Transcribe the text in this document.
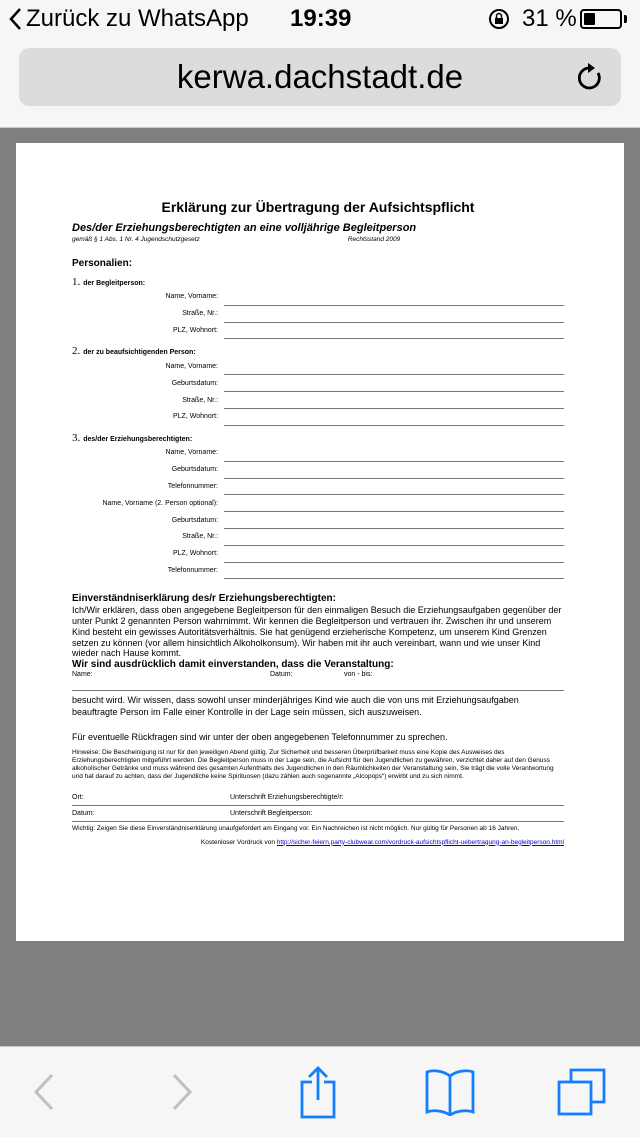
Zurück zu WhatsApp 19:39	31 %
kerwa.dachstadt.de
Erklärung zur Übertragung der Aufsichtspflicht
Des/der Erziehungsberechtigten an eine volljährige Begleitperson
gemäß § 1 Abs. 1 Nr. 4 Jugendschutzgesetz	Rechtsstand 2009
Personalien:
1. der Begleitperson:
Name, Vorname:
Straße, Nr.:
PLZ, Wohnort:
2. der zu beaufsichtigenden Person:
Name, Vorname:
Geburtsdatum:
Straße, Nr.:
PLZ, Wohnort:
3. des/der Erziehungsberechtigten:
Name, Vorname:
Geburtsdatum:
Telefonnummer:
Name, Vorname (2. Person optional):
Geburtsdatum:
Straße, Nr.:
PLZ, Wohnort:
Telefonnummer:
Einverständniserklärung des/r Erziehungsberechtigten:
Ich/Wir erklären, dass oben angegebene Begleitperson für den einmaligen Besuch die Erziehungsaufgaben gegenüber der unter Punkt 2 genannten Person wahrnimmt. Wir kennen die Begleitperson und vertrauen ihr. Zwischen ihr und unserem Kind besteht ein gewisses Autoritätsverhältnis. Sie hat genügend erzieherische Kompetenz, um unserem Kind Grenzen setzen zu können (vor allem hinsichtlich Alkoholkonsum). Wir haben mit ihr auch vereinbart, wann und wie unser Kind wieder nach Hause kommt.
Wir sind ausdrücklich damit einverstanden, dass die Veranstaltung:
Name:	Datum:	von - bis:
besucht wird. Wir wissen, dass sowohl unser minderjähriges Kind wie auch die von uns mit Erziehungsaufgaben beauftragte Person im Falle einer Kontrolle in der Lage sein müssen, sich auszuweisen.
Für eventuelle Rückfragen sind wir unter der oben angegebenen Telefonnummer zu sprechen.
Hinweise: Die Bescheinigung ist nur für den jeweiligen Abend gültig. Zur Sicherheit und besseren Überprüfbarkeit muss eine Kopie des Ausweises des Erziehungsberechtigten mitgeführt werden. Die Begleitperson muss in der Lage sein, die Aufsicht für den Jugendlichen zu gewähren, verzichtet daher auf den Genuss alkoholischer Getränke und muss während des gesamten Aufenthalts des Jugendlichen in den Räumlichkeiten der Veranstaltung sein. Sie trägt die volle Verantwortung und hat darauf zu achten, dass der Jugendliche keine Spirituosen (dazu zählen auch sogenannte „Alcopops“) erwirbt und zu sich nimmt.
Ort:	Unterschrift Erziehungsberechtigte/r:
Datum:	Unterschrift Begleitperson:
Wichtig: Zeigen Sie diese Einverständniserklärung unaufgefordert am Eingang vor. Ein Nachreichen ist nicht möglich. Nur gültig für Personen ab 16 Jahren.
Kostenloser Vordruck von http://sicher-feiern.party-clubwear.com/vordruck-aufsichtspflicht-uebertragung-an-begleitperson.html
